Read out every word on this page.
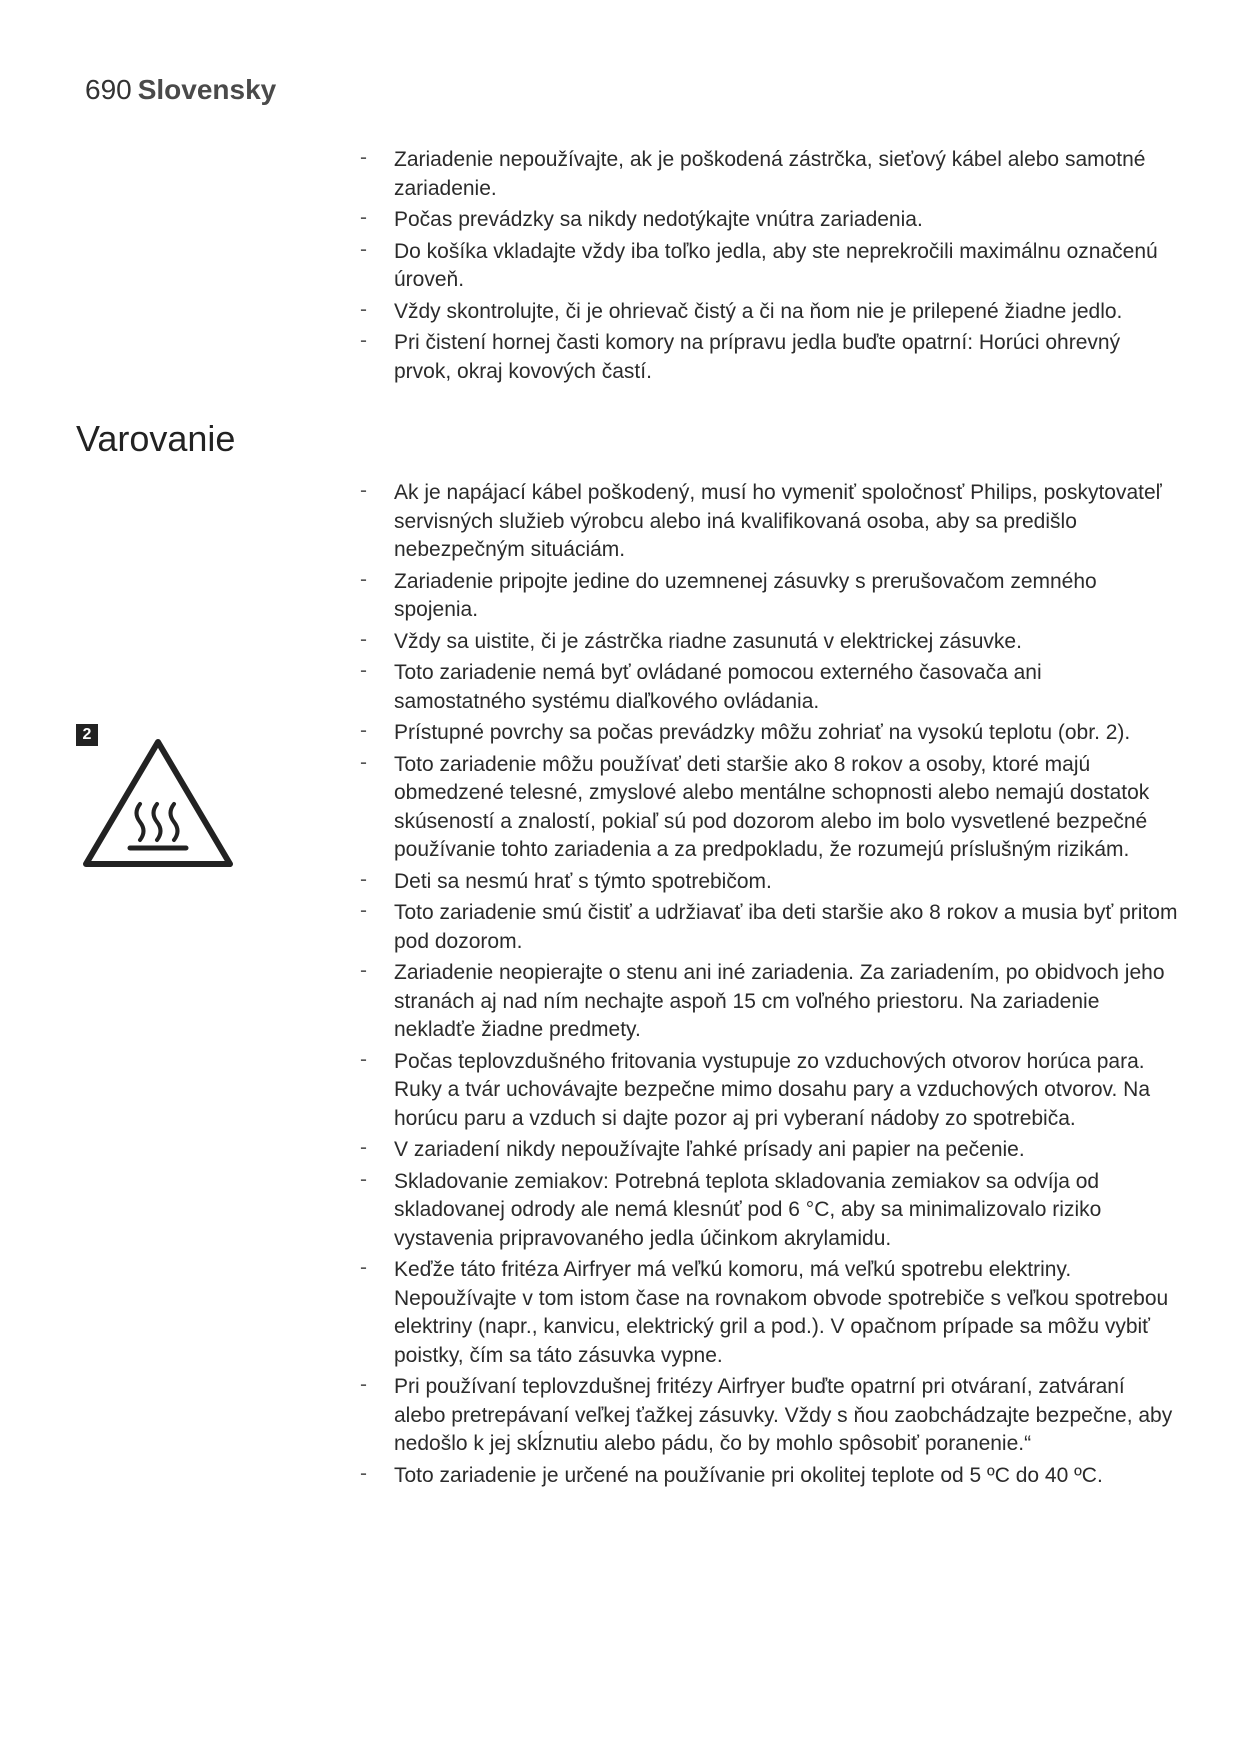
690 Slovensky
- Zariadenie nepoužívajte, ak je poškodená zástrčka, sieťový kábel alebo samotné zariadenie.
- Počas prevádzky sa nikdy nedotýkajte vnútra zariadenia.
- Do košíka vkladajte vždy iba toľko jedla, aby ste neprekročili maximálnu označenú úroveň.
- Vždy skontrolujte, či je ohrievač čistý a či na ňom nie je prilepené žiadne jedlo.
- Pri čistení hornej časti komory na prípravu jedla buďte opatrní: Horúci ohrevný prvok, okraj kovových častí.
Varovanie
2
- Ak je napájací kábel poškodený, musí ho vymeniť spoločnosť Philips, poskytovateľ servisných služieb výrobcu alebo iná kvalifikovaná osoba, aby sa predišlo nebezpečným situáciám.
- Zariadenie pripojte jedine do uzemnenej zásuvky s prerušovačom zemného spojenia.
- Vždy sa uistite, či je zástrčka riadne zasunutá v elektrickej zásuvke.
- Toto zariadenie nemá byť ovládané pomocou externého časovača ani samostatného systému diaľkového ovládania.
- Prístupné povrchy sa počas prevádzky môžu zohriať na vysokú teplotu (obr. 2).
- Toto zariadenie môžu používať deti staršie ako 8 rokov a osoby, ktoré majú obmedzené telesné, zmyslové alebo mentálne schopnosti alebo nemajú dostatok skúseností a znalostí, pokiaľ sú pod dozorom alebo im bolo vysvetlené bezpečné používanie tohto zariadenia a za predpokladu, že rozumejú príslušným rizikám.
- Deti sa nesmú hrať s týmto spotrebičom.
- Toto zariadenie smú čistiť a udržiavať iba deti staršie ako 8 rokov a musia byť pritom pod dozorom.
- Zariadenie neopierajte o stenu ani iné zariadenia. Za zariadením, po obidvoch jeho stranách aj nad ním nechajte aspoň 15 cm voľného priestoru. Na zariadenie nekladťe žiadne predmety.
- Počas teplovzdušného fritovania vystupuje zo vzduchových otvorov horúca para. Ruky a tvár uchovávajte bezpečne mimo dosahu pary a vzduchových otvorov. Na horúcu paru a vzduch si dajte pozor aj pri vyberaní nádoby zo spotrebiča.
- V zariadení nikdy nepoužívajte ľahké prísady ani papier na pečenie.
- Skladovanie zemiakov: Potrebná teplota skladovania zemiakov sa odvíja od skladovanej odrody ale nemá klesnúť pod 6 °C, aby sa minimalizovalo riziko vystavenia pripravovaného jedla účinkom akrylamidu.
- Keďže táto fritéza Airfryer má veľkú komoru, má veľkú spotrebu elektriny. Nepoužívajte v tom istom čase na rovnakom obvode spotrebiče s veľkou spotrebou elektriny (napr., kanvicu, elektrický gril a pod.). V opačnom prípade sa môžu vybiť poistky, čím sa táto zásuvka vypne.
- Pri používaní teplovzdušnej fritézy Airfryer buďte opatrní pri otváraní, zatváraní alebo pretrepávaní veľkej ťažkej zásuvky. Vždy s ňou zaobchádzajte bezpečne, aby nedošlo k jej skĺznutiu alebo pádu, čo by mohlo spôsobiť poranenie.“
- Toto zariadenie je určené na používanie pri okolitej teplote od 5 ºC do 40 ºC.
